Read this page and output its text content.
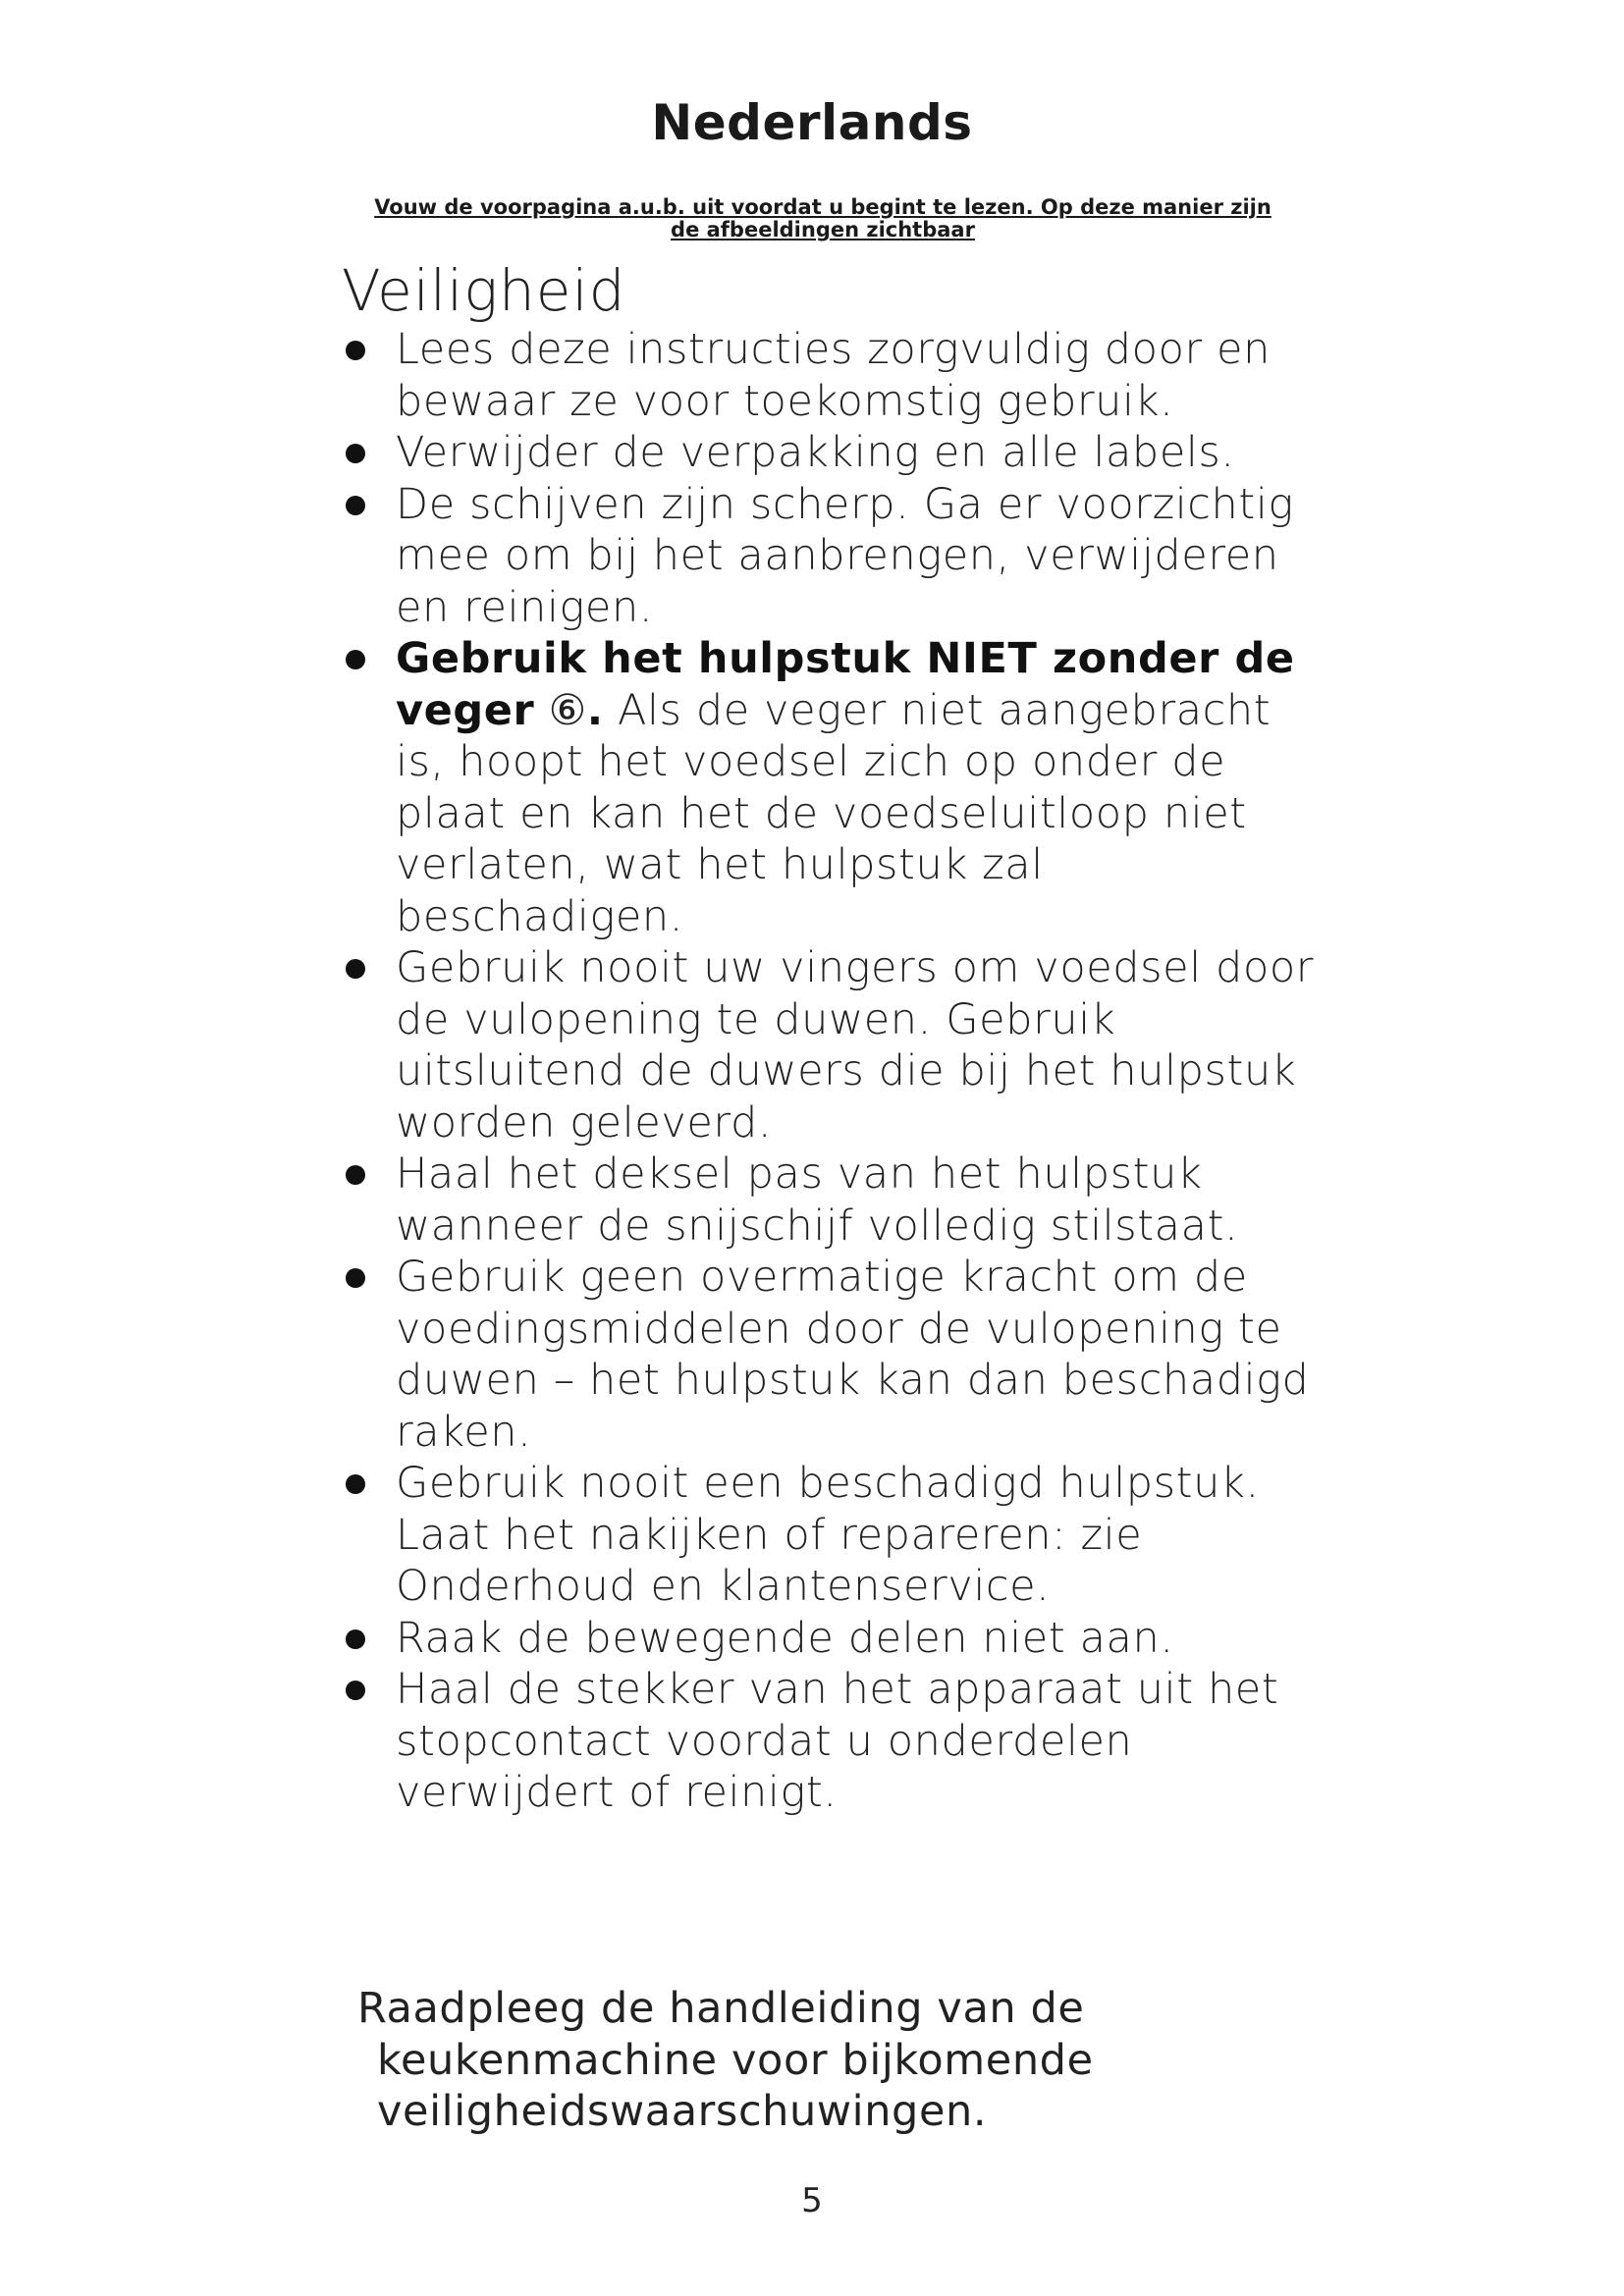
Nederlands
Vouw de voorpagina a.u.b. uit voordat u begint te lezen. Op deze manier zijn de afbeeldingen zichtbaar
Veiligheid
Lees deze instructies zorgvuldig door en bewaar ze voor toekomstig gebruik.
Verwijder de verpakking en alle labels.
De schijven zijn scherp. Ga er voorzichtig mee om bij het aanbrengen, verwijderen en reinigen.
Gebruik het hulpstuk NIET zonder de veger ⑥. Als de veger niet aangebracht is, hoopt het voedsel zich op onder de plaat en kan het de voedseluitloop niet verlaten, wat het hulpstuk zal beschadigen.
Gebruik nooit uw vingers om voedsel door de vulopening te duwen. Gebruik uitsluitend de duwers die bij het hulpstuk worden geleverd.
Haal het deksel pas van het hulpstuk wanneer de snijschijf volledig stilstaat.
Gebruik geen overmatige kracht om de voedingsmiddelen door de vulopening te duwen – het hulpstuk kan dan beschadigd raken.
Gebruik nooit een beschadigd hulpstuk. Laat het nakijken of repareren: zie Onderhoud en klantenservice.
Raak de bewegende delen niet aan.
Haal de stekker van het apparaat uit het stopcontact voordat u onderdelen verwijdert of reinigt.

Raadpleeg de handleiding van de keukenmachine voor bijkomende veiligheidswaarschuwingen.

5
